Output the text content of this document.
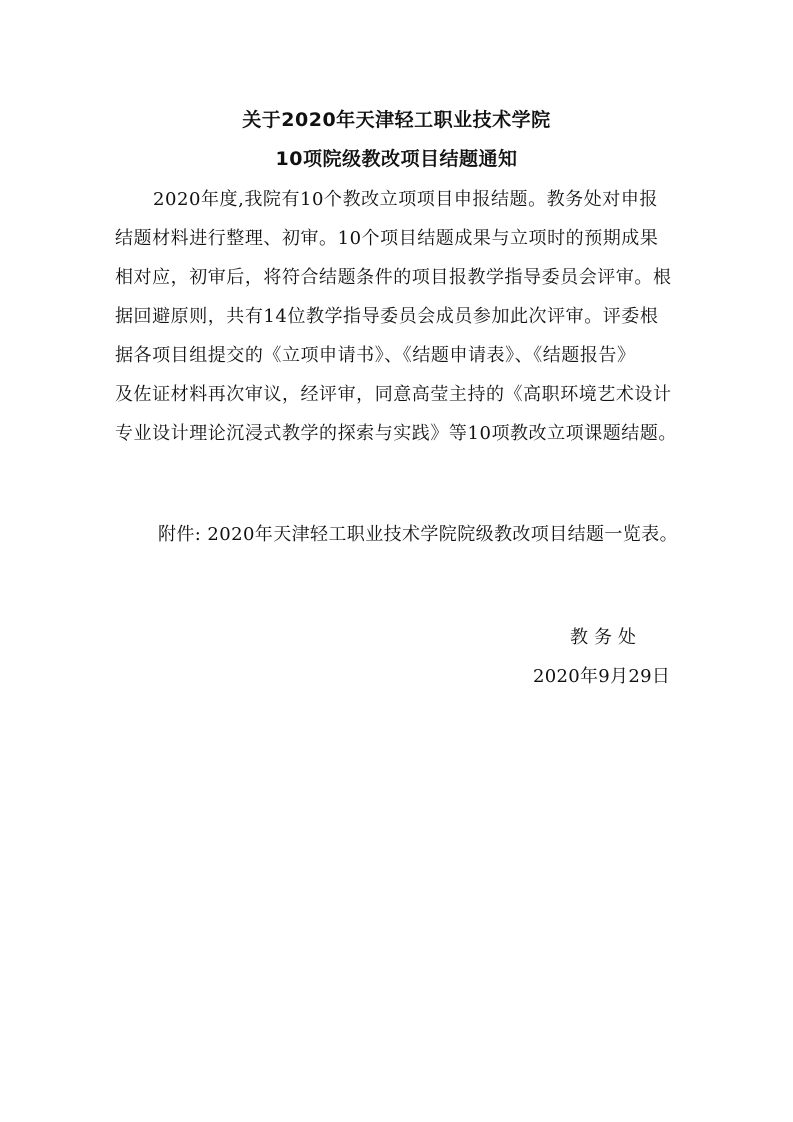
关于2020年天津轻工职业技术学院
10项院级教改项目结题通知
2020年度,我院有10个教改立项项目申报结题。教务处对申报
结题材料进行整理、初审。10个项目结题成果与立项时的预期成果
相对应，初审后，将符合结题条件的项目报教学指导委员会评审。根
据回避原则，共有14位教学指导委员会成员参加此次评审。评委根
据各项目组提交的《立项申请书》、《结题申请表》、《结题报告》
及佐证材料再次审议，经评审，同意高莹主持的《高职环境艺术设计
专业设计理论沉浸式教学的探索与实践》等10项教改立项课题结题。
附件: 2020年天津轻工职业技术学院院级教改项目结题一览表。
教务处
2020年9月29日
